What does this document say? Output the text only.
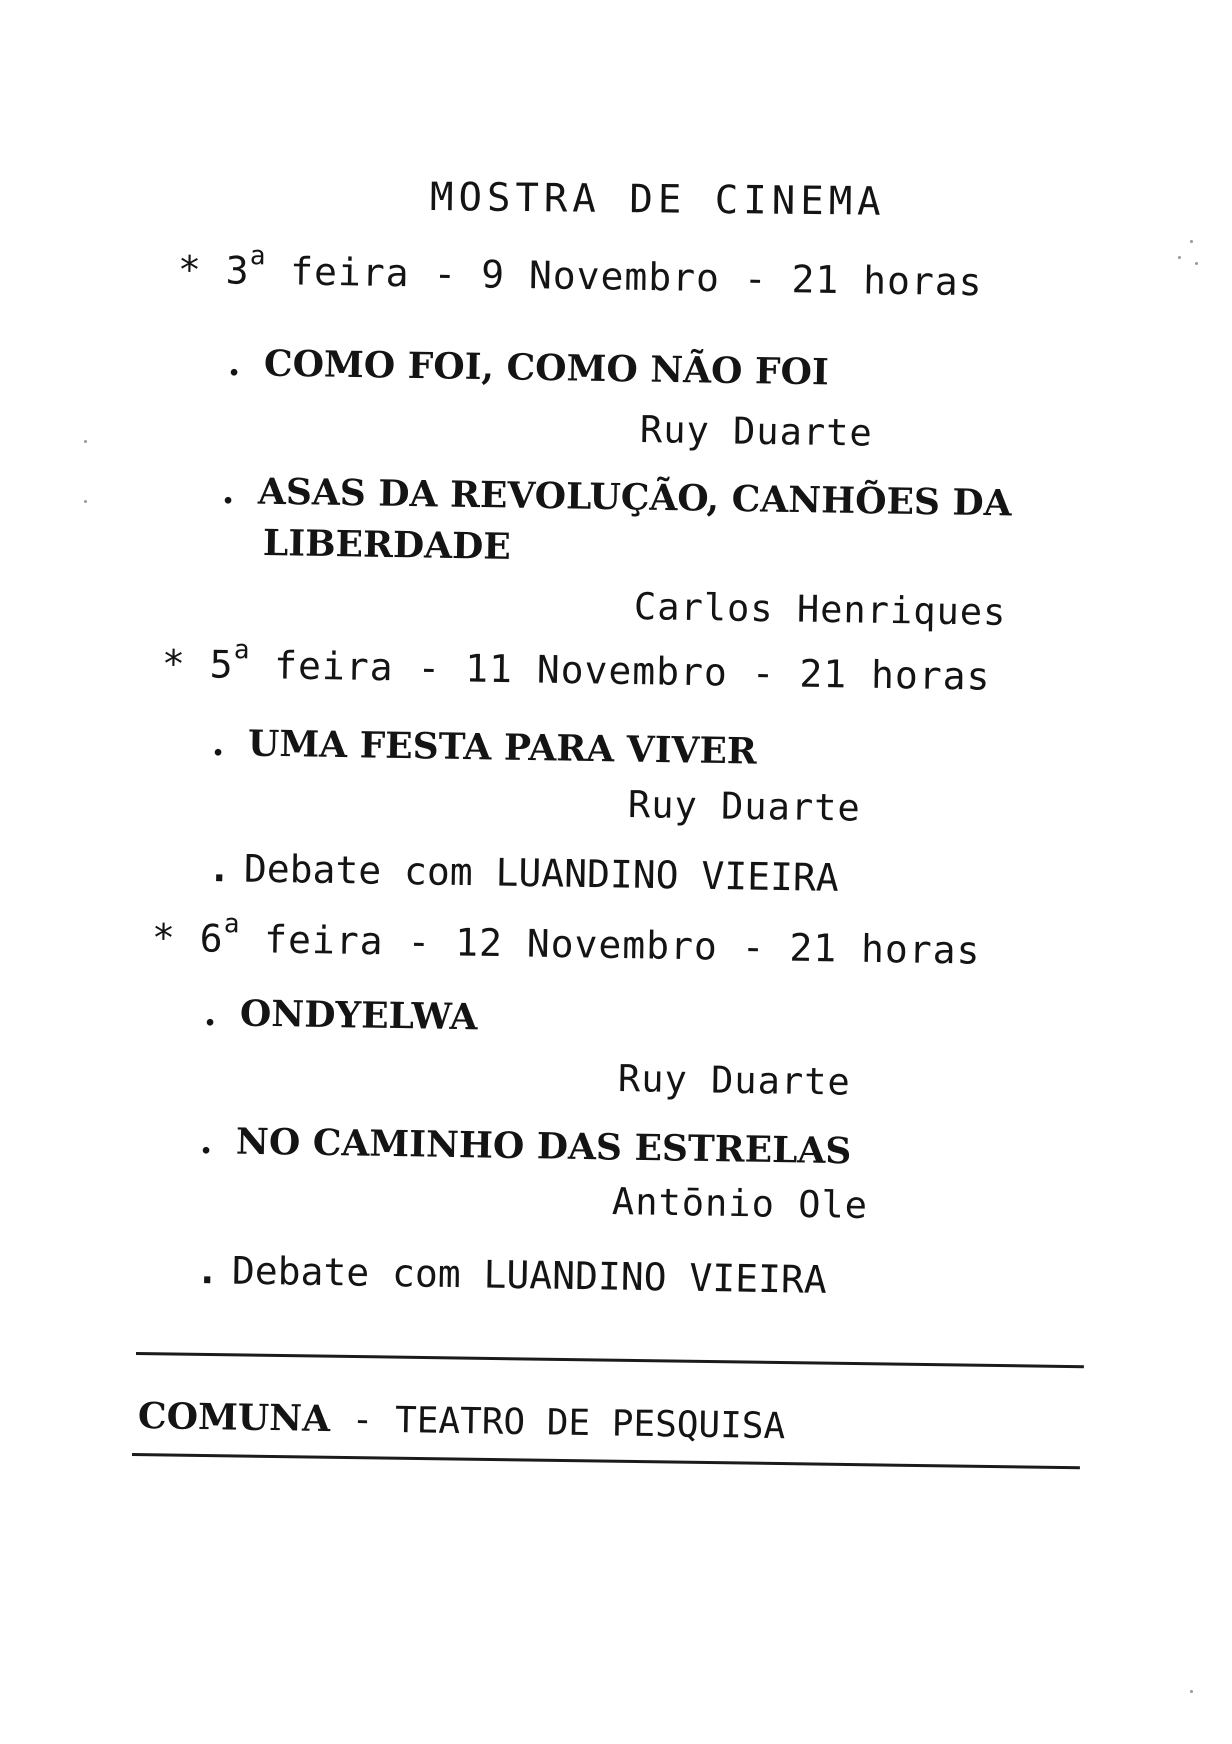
MOSTRA DE CINEMA
* 3$^a$ feira - 9 Novembro - 21 horas
. COMO FOI, COMO NÃO FOI
Ruy Duarte
. ASAS DA REVOLUÇÃO, CANHÕES DA
LIBERDADE
Carlos Henriques
* 5$^a$ feira - 11 Novembro - 21 horas
. UMA FESTA PARA VIVER
Ruy Duarte
. Debate com LUANDINO VIEIRA
* 6$^a$ feira - 12 Novembro - 21 horas
. ONDYELWA
Ruy Duarte
. NO CAMINHO DAS ESTRELAS
Antōnio Ole
. Debate com LUANDINO VIEIRA
COMUNA - TEATRO DE PESQUISA
